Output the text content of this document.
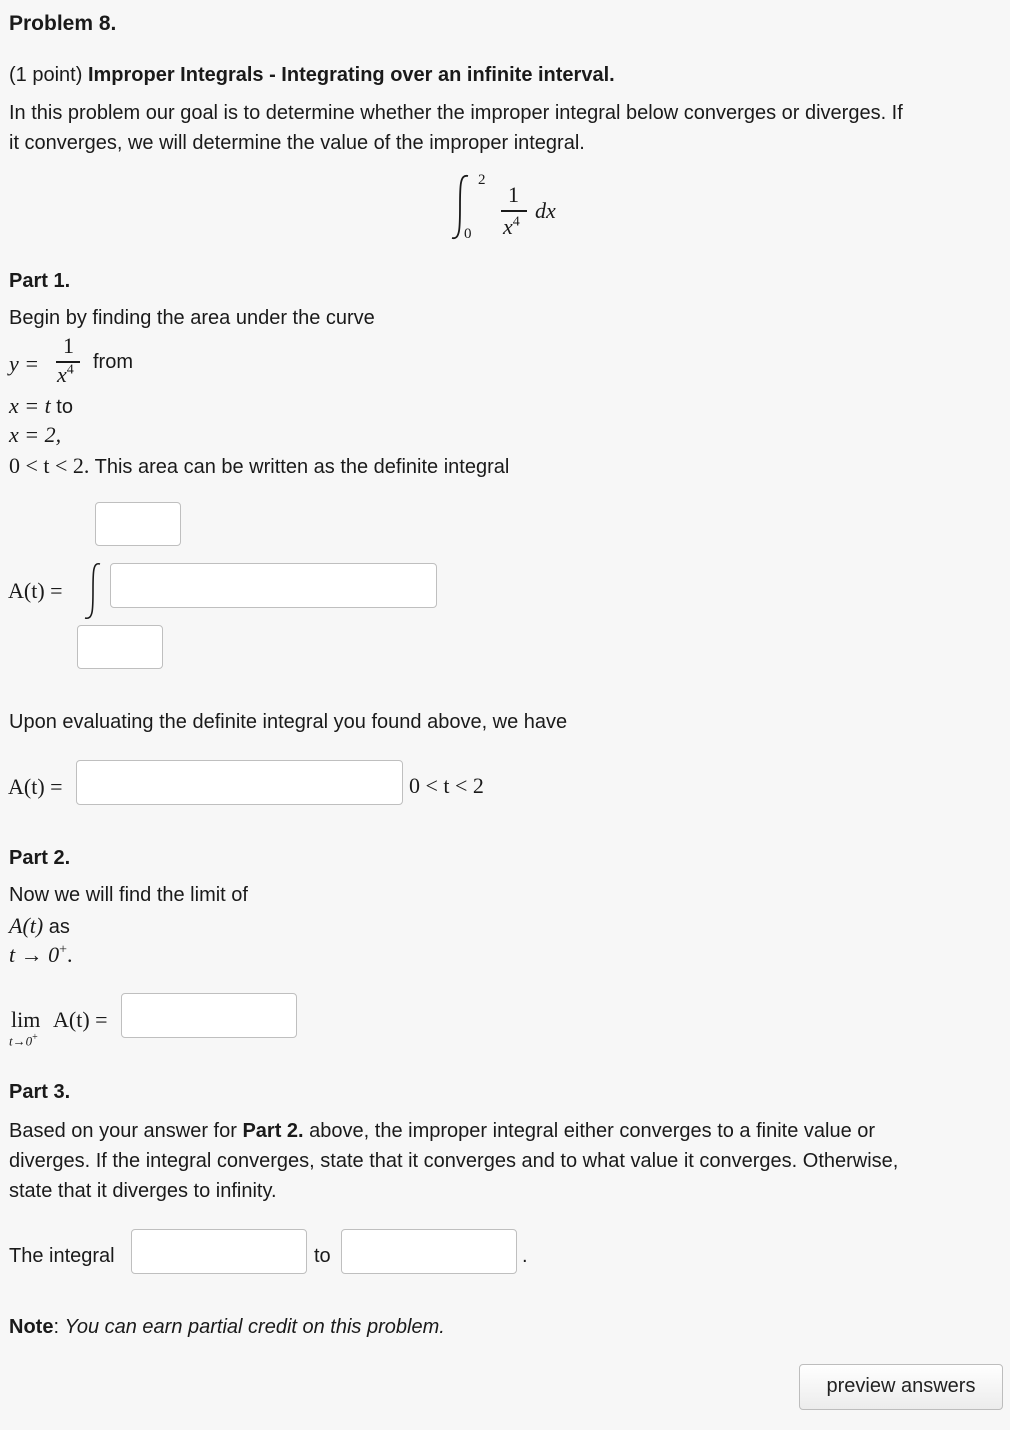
Problem 8.
(1 point) Improper Integrals - Integrating over an infinite interval.
In this problem our goal is to determine whether the improper integral below converges or diverges. If
it converges, we will determine the value of the improper integral.
2
0
1
$x^4$ dx
Part 1.
Begin by finding the area under the curve
y =
1
$x^4$ from
x = t to
x = 2,
0 < t < 2. This area can be written as the definite integral
A(t) =
Upon evaluating the definite integral you found above, we have
A(t) =	0 < t < 2
Part 2.
Now we will find the limit of
A(t) as
t → 0+.
lim
t→0+
A(t) =
Part 3.
Based on your answer for Part 2. above, the improper integral either converges to a finite value or
diverges. If the integral converges, state that it converges and to what value it converges. Otherwise,
state that it diverges to infinity.
The integral	to	.
Note: You can earn partial credit on this problem.
preview answers
